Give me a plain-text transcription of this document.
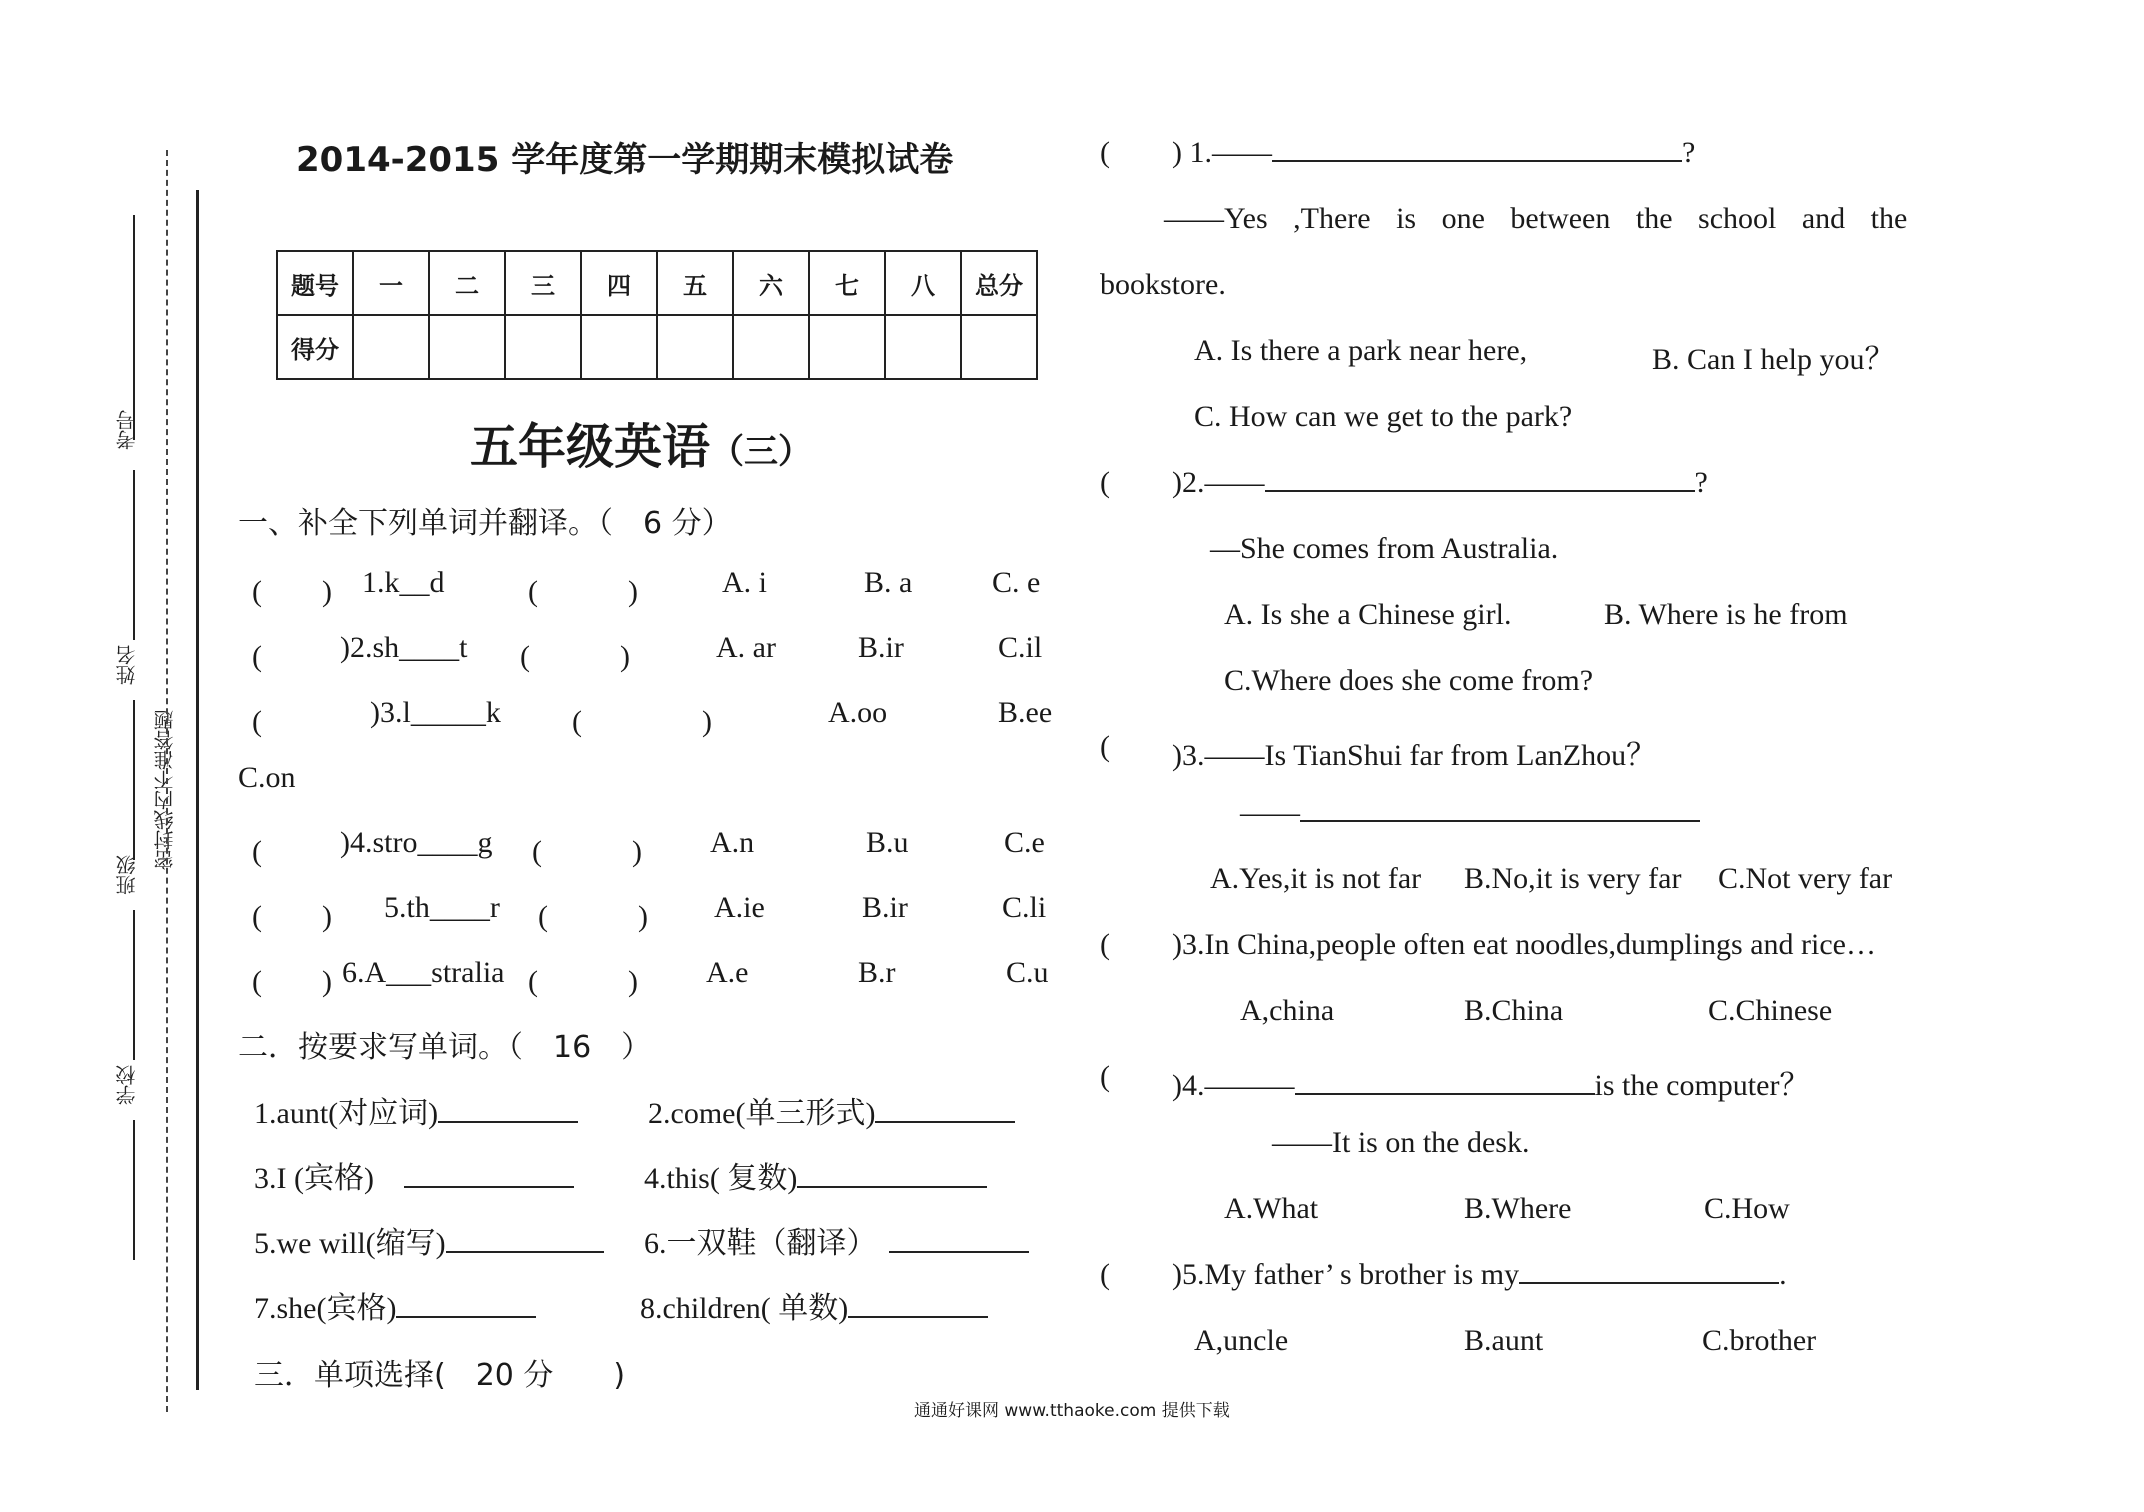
考号
姓名
班级
学校
密封线内不准答题
2014-2015 学年度第一学期期末模拟试卷
题号	一	二	三	四	五	六	七	八	总分
得分									
五年级英语（三）
一、补全下列单词并翻译。（　6 分）
(　　) 1.k__d	(　　　)	A. i	B. a	C. e
(　　 )2.sh____t (　　　)	A. ar	B.ir	C.il
(　　　 )3.l_____k (　　　　)	A.oo	B.ee
C.on
(　　 )4.stro____g (　　　) A.n	B.u	C.e
(　　) 5.th____r (　　　) A.ie	B.ir	C.li
(　　) 6.A___stralia (　　　) A.e	B.r	C.u
二．按要求写单词。（　16　）
1.aunt(对应词)	2.come(单三形式)
3.I (宾格)	4.this( 复数)
5.we will(缩写)	6.一双鞋（翻译）
7.she(宾格)	8.children( 单数)
三．单项选择(　20 分　　)
( ) 1.——	?
——Yes ,There is one between the school and the
bookstore.
A. Is there a park near here,	B. Can I help you？
C. How can we get to the park?
( )2.——	?
—She comes from Australia.
A. Is she a Chinese girl.	B. Where is he from
C.Where does she come from?
( )3.——Is TianShui far from LanZhou？
——
A.Yes,it is not far B.No,it is very far C.Not very far
( )3.In China,people often eat noodles,dumplings and rice…
A,china	B.China	C.Chinese
( )4.———	is the computer？
——It is on the desk.
A.What	B.Where	C.How
( )5.My father’ s brother is my	.
A,uncle	B.aunt	C.brother
通通好课网 www.tthaoke.com 提供下载
